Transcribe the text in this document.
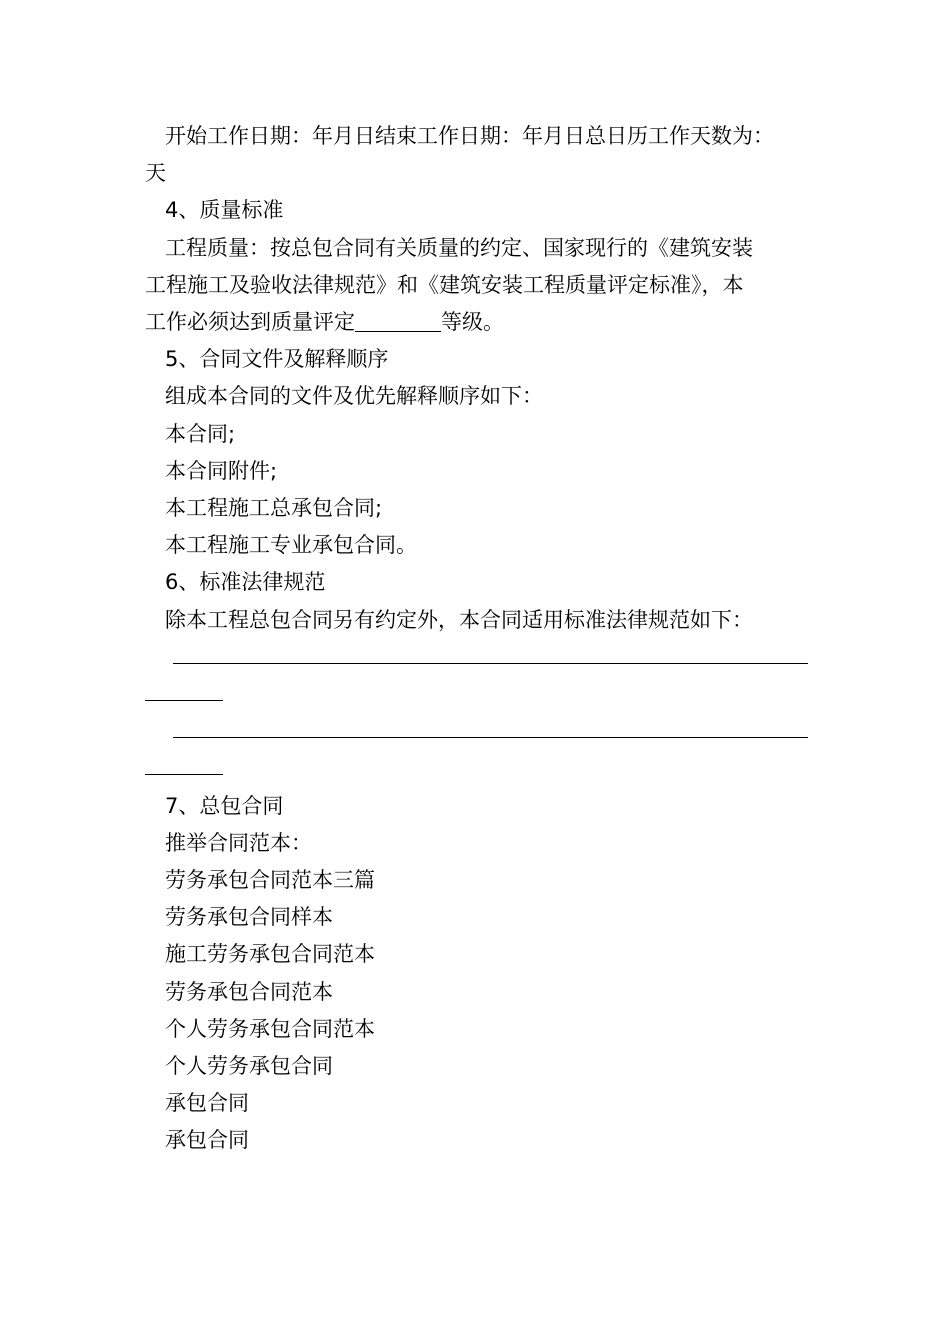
开始工作日期：年月日结束工作日期：年月日总日历工作天数为：
天

4、质量标准

工程质量：按总包合同有关质量的约定、国家现行的《建筑安装
工程施工及验收法律规范》和《建筑安装工程质量评定标准》，本
工作必须达到质量评定	等级。

5、合同文件及解释顺序

组成本合同的文件及优先解释顺序如下：

本合同;

本合同附件;

本工程施工总承包合同;

本工程施工专业承包合同。

6、标准法律规范

除本工程总包合同另有约定外，本合同适用标准法律规范如下：

7、总包合同

推举合同范本：

劳务承包合同范本三篇

劳务承包合同样本

施工劳务承包合同范本

劳务承包合同范本

个人劳务承包合同范本

个人劳务承包合同

承包合同

承包合同
